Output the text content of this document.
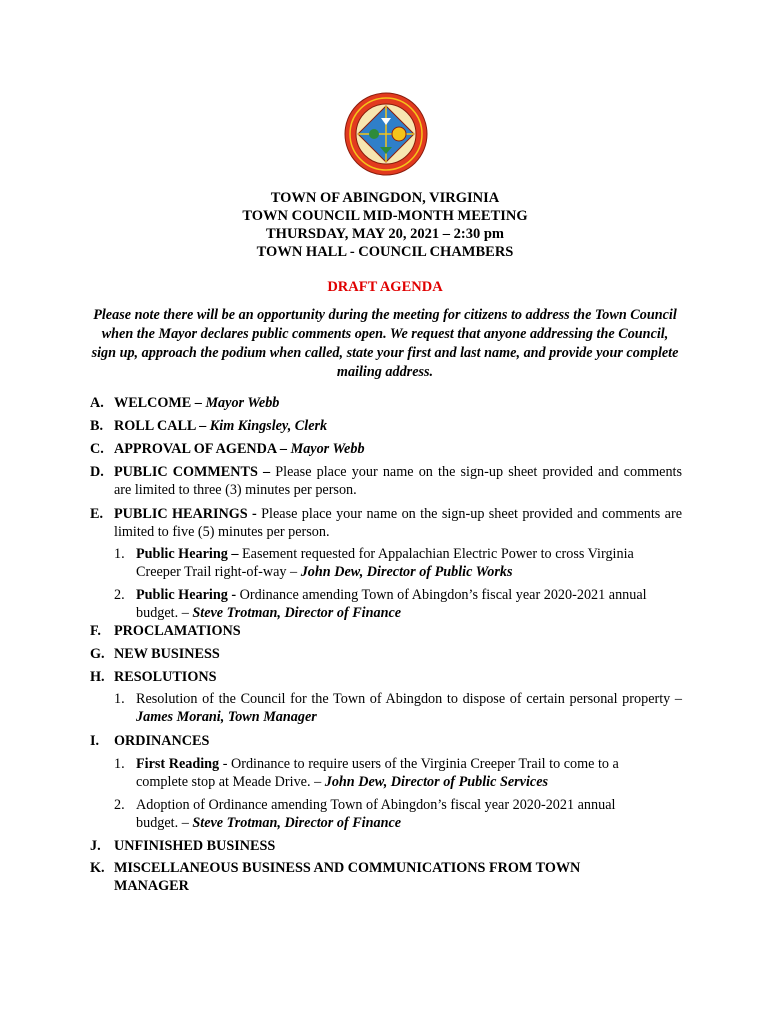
TOWN OF ABINGDON, VIRGINIA
TOWN COUNCIL MID-MONTH MEETING
THURSDAY, MAY 20, 2021 – 2:30 pm
TOWN HALL - COUNCIL CHAMBERS
DRAFT AGENDA
Please note there will be an opportunity during the meeting for citizens to address the Town Council when the Mayor declares public comments open. We request that anyone addressing the Council, sign up, approach the podium when called, state your first and last name, and provide your complete mailing address.
A. WELCOME – Mayor Webb
B. ROLL CALL – Kim Kingsley, Clerk
C. APPROVAL OF AGENDA – Mayor Webb
D. PUBLIC COMMENTS – Please place your name on the sign-up sheet provided and comments are limited to three (3) minutes per person.
E. PUBLIC HEARINGS - Please place your name on the sign-up sheet provided and comments are limited to five (5) minutes per person.
1. Public Hearing – Easement requested for Appalachian Electric Power to cross Virginia Creeper Trail right-of-way – John Dew, Director of Public Works
2. Public Hearing - Ordinance amending Town of Abingdon’s fiscal year 2020-2021 annual budget. – Steve Trotman, Director of Finance
F. PROCLAMATIONS
G. NEW BUSINESS
H. RESOLUTIONS
1. Resolution of the Council for the Town of Abingdon to dispose of certain personal property – James Morani, Town Manager
I. ORDINANCES
1. First Reading - Ordinance to require users of the Virginia Creeper Trail to come to a complete stop at Meade Drive. – John Dew, Director of Public Services
2. Adoption of Ordinance amending Town of Abingdon’s fiscal year 2020-2021 annual budget. – Steve Trotman, Director of Finance
J. UNFINISHED BUSINESS
K. MISCELLANEOUS BUSINESS AND COMMUNICATIONS FROM TOWN MANAGER
